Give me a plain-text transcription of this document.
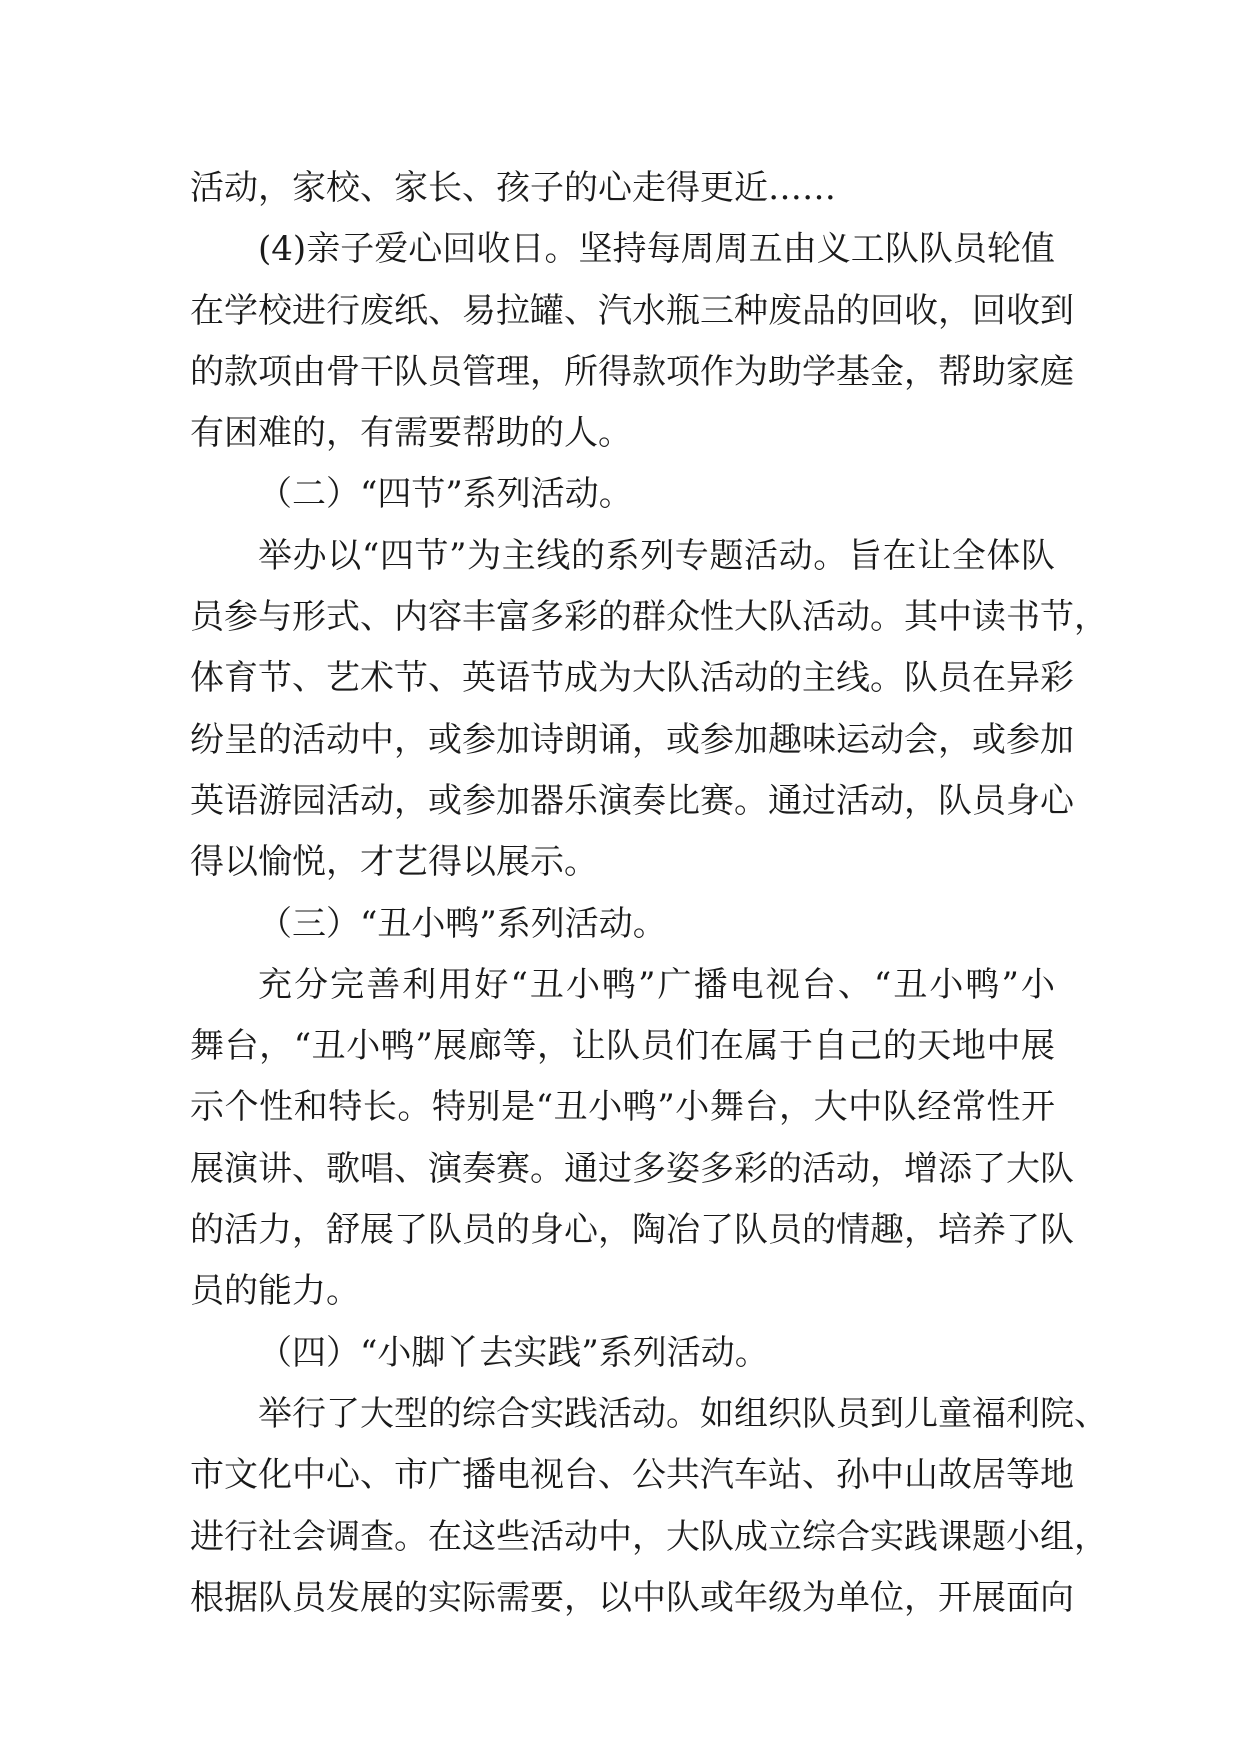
活动，家校、家长、孩子的心走得更近……
(4)亲子爱心回收日。坚持每周周五由义工队队员轮值
在学校进行废纸、易拉罐、汽水瓶三种废品的回收，回收到
的款项由骨干队员管理，所得款项作为助学基金，帮助家庭
有困难的，有需要帮助的人。
（二）“四节”系列活动。
举办以“四节”为主线的系列专题活动。旨在让全体队
员参与形式、内容丰富多彩的群众性大队活动。其中读书节，
体育节、艺术节、英语节成为大队活动的主线。队员在异彩
纷呈的活动中，或参加诗朗诵，或参加趣味运动会，或参加
英语游园活动，或参加器乐演奏比赛。通过活动，队员身心
得以愉悦，才艺得以展示。
（三）“丑小鸭”系列活动。
充分完善利用好“丑小鸭”广播电视台、“丑小鸭”小
舞台，“丑小鸭”展廊等，让队员们在属于自己的天地中展
示个性和特长。特别是“丑小鸭”小舞台，大中队经常性开
展演讲、歌唱、演奏赛。通过多姿多彩的活动，增添了大队
的活力，舒展了队员的身心，陶冶了队员的情趣，培养了队
员的能力。
（四）“小脚丫去实践”系列活动。
举行了大型的综合实践活动。如组织队员到儿童福利院、
市文化中心、市广播电视台、公共汽车站、孙中山故居等地
进行社会调查。在这些活动中，大队成立综合实践课题小组，
根据队员发展的实际需要，以中队或年级为单位，开展面向
